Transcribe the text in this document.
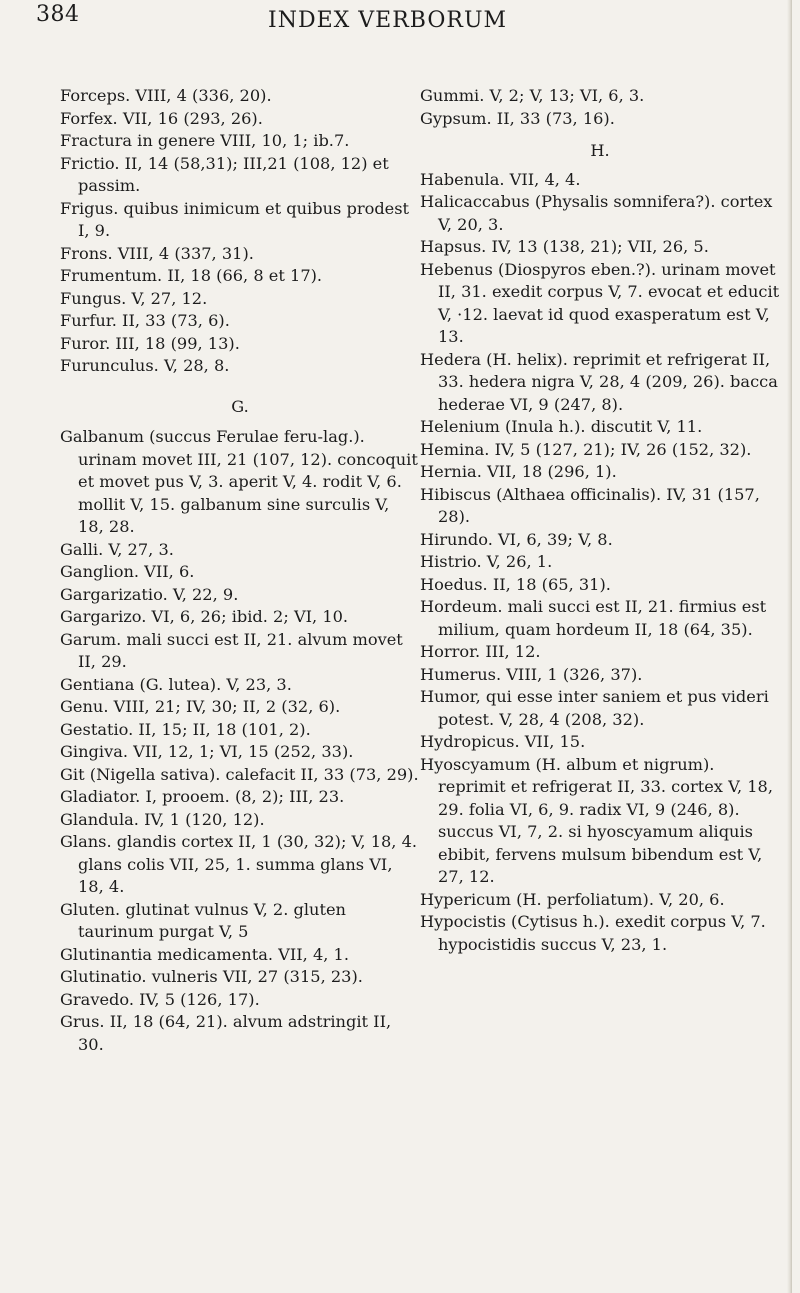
384	INDEX VERBORUM

Forceps. VIII, 4 (336, 20).

Forfex. VII, 16 (293, 26).

Fractura in genere VIII, 10, 1; ib.7.

Frictio. II, 14 (58,31); III,21 (108, 12) et passim.

Frigus. quibus inimicum et quibus prodest I, 9.

Frons. VIII, 4 (337, 31).

Frumentum. II, 18 (66, 8 et 17).

Fungus. V, 27, 12.

Furfur. II, 33 (73, 6).

Furor. III, 18 (99, 13).

Furunculus. V, 28, 8.

G.

Galbanum (succus Ferulae feru-lag.). urinam movet III, 21 (107, 12). concoquit et movet pus V, 3. aperit V, 4. rodit V, 6. mollit V, 15. galbanum sine surculis V, 18, 28.

Galli. V, 27, 3.

Ganglion. VII, 6.

Gargarizatio. V, 22, 9.

Gargarizo. VI, 6, 26; ibid. 2; VI, 10.

Garum. mali succi est II, 21. alvum movet II, 29.

Gentiana (G. lutea). V, 23, 3.

Genu. VIII, 21; IV, 30; II, 2 (32, 6).

Gestatio. II, 15; II, 18 (101, 2).

Gingiva. VII, 12, 1; VI, 15 (252, 33).

Git (Nigella sativa). calefacit II, 33 (73, 29).

Gladiator. I, prooem. (8, 2); III, 23.

Glandula. IV, 1 (120, 12).

Glans. glandis cortex II, 1 (30, 32); V, 18, 4. glans colis VII, 25, 1. summa glans VI, 18, 4.

Gluten. glutinat vulnus V, 2. gluten taurinum purgat V, 5

Glutinantia medicamenta. VII, 4, 1.

Glutinatio. vulneris VII, 27 (315, 23).

Gravedo. IV, 5 (126, 17).

Grus. II, 18 (64, 21). alvum adstringit II, 30.

Gummi. V, 2; V, 13; VI, 6, 3.

Gypsum. II, 33 (73, 16).

H.

Habenula. VII, 4, 4.

Halicaccabus (Physalis somnifera?). cortex V, 20, 3.

Hapsus. IV, 13 (138, 21); VII, 26, 5.

Hebenus (Diospyros eben.?). urinam movet II, 31. exedit corpus V, 7. evocat et educit V, ·12. laevat id quod exasperatum est V, 13.

Hedera (H. helix). reprimit et refrigerat II, 33. hedera nigra V, 28, 4 (209, 26). bacca hederae VI, 9 (247, 8).

Helenium (Inula h.). discutit V, 11.

Hemina. IV, 5 (127, 21); IV, 26 (152, 32).

Hernia. VII, 18 (296, 1).

Hibiscus (Althaea officinalis). IV, 31 (157, 28).

Hirundo. VI, 6, 39; V, 8.

Histrio. V, 26, 1.

Hoedus. II, 18 (65, 31).

Hordeum. mali succi est II, 21. firmius est milium, quam hordeum II, 18 (64, 35).

Horror. III, 12.

Humerus. VIII, 1 (326, 37).

Humor, qui esse inter saniem et pus videri potest. V, 28, 4 (208, 32).

Hydropicus. VII, 15.

Hyoscyamum (H. album et nigrum). reprimit et refrigerat II, 33. cortex V, 18, 29. folia VI, 6, 9. radix VI, 9 (246, 8). succus VI, 7, 2. si hyoscyamum aliquis ebibit, fervens mulsum bibendum est V, 27, 12.

Hypericum (H. perfoliatum). V, 20, 6.

Hypocistis (Cytisus h.). exedit corpus V, 7. hypocistidis succus V, 23, 1.
